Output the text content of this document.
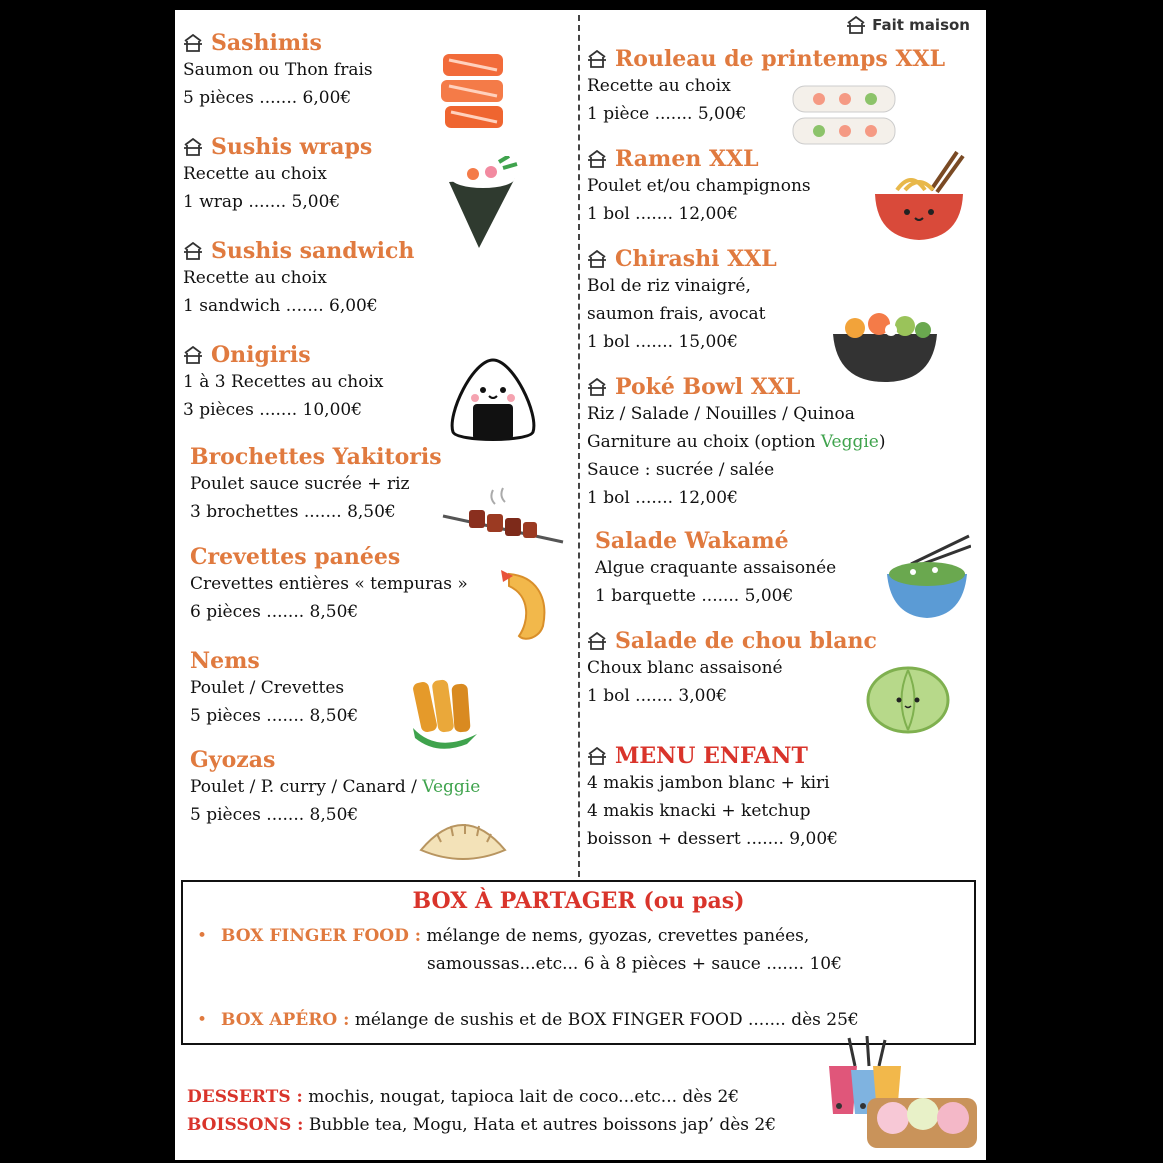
Fait maison
Sashimis
Saumon ou Thon frais
5 pièces ....... 6,00€
Sushis wraps
Recette au choix
1 wrap ....... 5,00€
Sushis sandwich
Recette au choix
1 sandwich ....... 6,00€
Onigiris
1 à 3 Recettes au choix
3 pièces ....... 10,00€
Brochettes Yakitoris
Poulet sauce sucrée + riz
3 brochettes ....... 8,50€
Crevettes panées
Crevettes entières « tempuras »
6 pièces ....... 8,50€
Nems
Poulet / Crevettes
5 pièces ....... 8,50€
Gyozas
Poulet / P. curry / Canard / Veggie
5 pièces ....... 8,50€
Rouleau de printemps XXL
Recette au choix
1 pièce ....... 5,00€
Ramen XXL
Poulet et/ou champignons
1 bol ....... 12,00€
Chirashi XXL
Bol de riz vinaigré,
saumon frais, avocat
1 bol ....... 15,00€
Poké Bowl XXL
Riz / Salade / Nouilles / Quinoa
Garniture au choix (option Veggie)
Sauce : sucrée / salée
1 bol ....... 12,00€
Salade Wakamé
Algue craquante assaisonée
1 barquette ....... 5,00€
Salade de chou blanc
Choux blanc assaisoné
1 bol ....... 3,00€
MENU ENFANT
4 makis jambon blanc + kiri
4 makis knacki + ketchup
boisson + dessert ....... 9,00€
BOX À PARTAGER (ou pas)
• BOX FINGER FOOD : mélange de nems, gyozas, crevettes panées,
samoussas...etc... 6 à 8 pièces + sauce ....... 10€
• BOX APÉRO : mélange de sushis et de BOX FINGER FOOD ....... dès 25€
DESSERTS : mochis, nougat, tapioca lait de coco...etc... dès 2€
BOISSONS : Bubble tea, Mogu, Hata et autres boissons jap’ dès 2€
